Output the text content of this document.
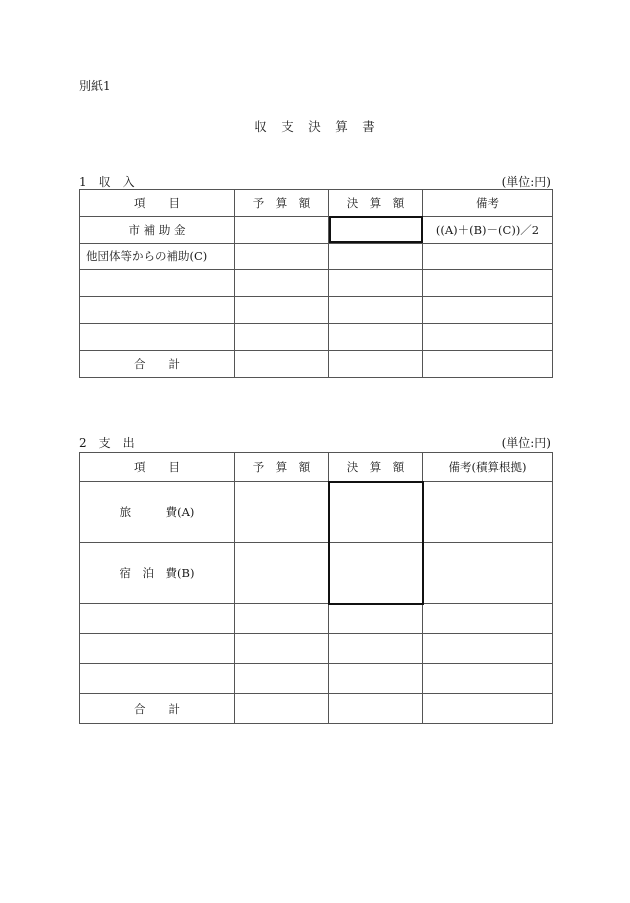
別紙1
収　支　決　算　書
1　収　入	(単位:円)
項　　目	予　算　額	決　算　額	備考
市 補 助 金			((A)＋(B)－(C))／2
他団体等からの補助(C)			

合　　計			
2　支　出	(単位:円)
項　　目	予　算　額	決　算　額	備考(積算根拠)
旅　　　費(A)			
宿　泊　費(B)			

合　　計			
